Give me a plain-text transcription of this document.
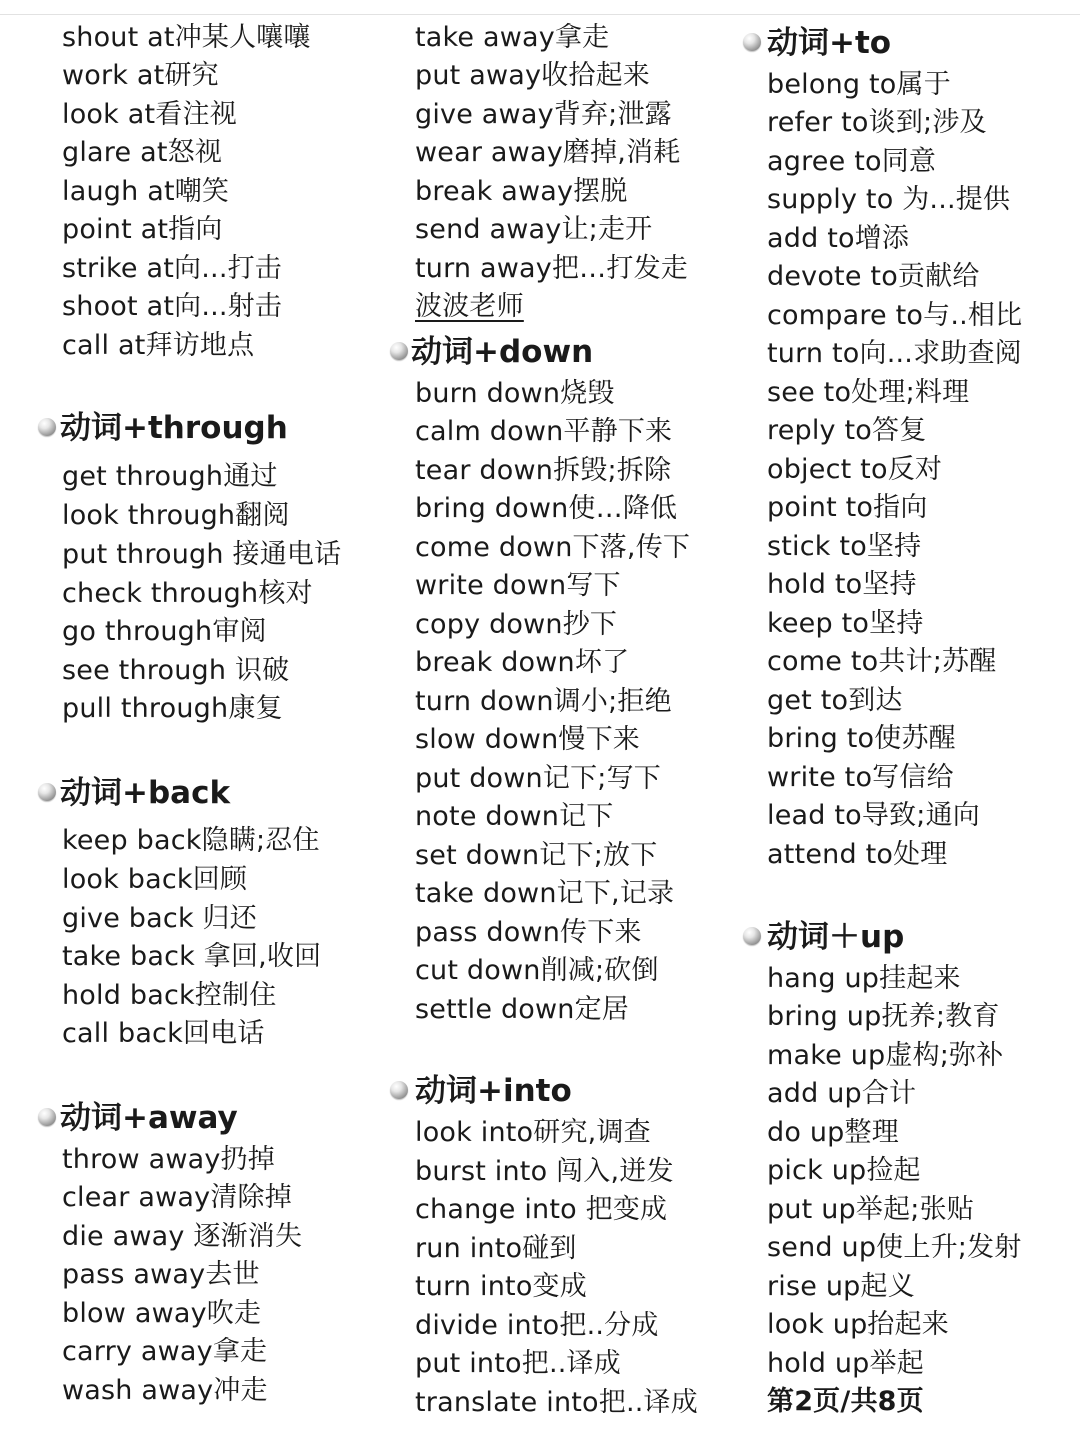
shout at冲某人嚷嚷
work at研究
look at看注视
glare at怒视
laugh at嘲笑
point at指向
strike at向...打击
shoot at向...射击
call at拜访地点
动词+through
get through通过
look through翻阅
put through 接通电话
check through核对
go through审阅
see through 识破
pull through康复
动词+back
keep back隐瞒;忍住
look back回顾
give back 归还
take back 拿回,收回
hold back控制住
call back回电话
动词+away
throw away扔掉
clear away清除掉
die away 逐渐消失
pass away去世
blow away吹走
carry away拿走
wash away冲走
take away拿走
put away收拾起来
give away背弃;泄露
wear away磨掉,消耗
break away摆脱
send away让;走开
turn away把…打发走
波波老师
动词+down
burn down烧毁
calm down平静下来
tear down拆毁;拆除
bring down使…降低
come down下落,传下
write down写下
copy down抄下
break down坏了
turn down调小;拒绝
slow down慢下来
put down记下;写下
note down记下
set down记下;放下
take down记下,记录
pass down传下来
cut down削减;砍倒
settle down定居
动词+into
look into研究,调查
burst into 闯入,迸发
change into 把变成
run into碰到
turn into变成
divide into把..分成
put into把..译成
translate into把..译成
动词+to
belong to属于
refer to谈到;涉及
agree to同意
supply to 为...提供
add to增添
devote to贡献给
compare to与..相比
turn to向...求助查阅
see to处理;料理
reply to答复
object to反对
point to指向
stick to坚持
hold to坚持
keep to坚持
come to共计;苏醒
get to到达
bring to使苏醒
write to写信给
lead to导致;通向
attend to处理
动词＋up
hang up挂起来
bring up抚养;教育
make up虚构;弥补
add up合计
do up整理
pick up捡起
put up举起;张贴
send up使上升;发射
rise up起义
look up抬起来
hold up举起
第2页/共8页
